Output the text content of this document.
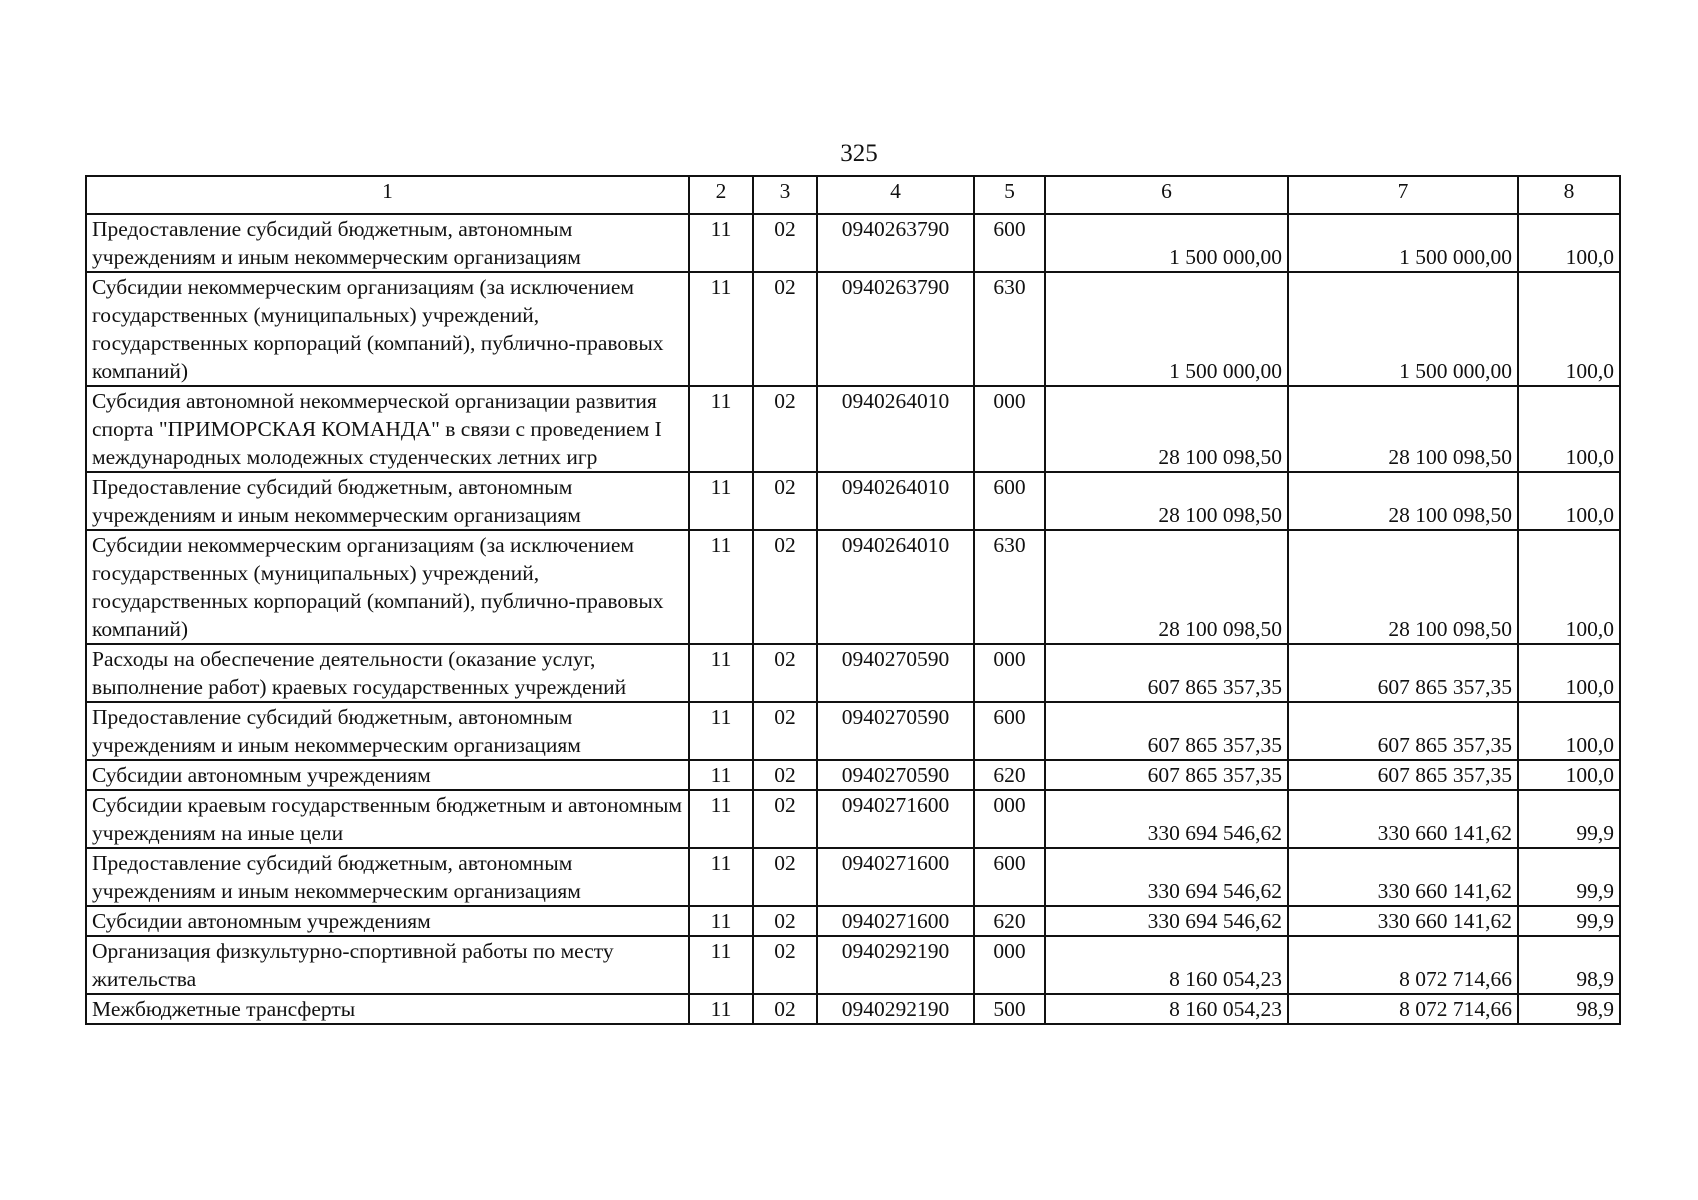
325
1	2	3	4	5	6	7	8
Предоставление субсидий бюджетным, автономным учреждениям и иным некоммерческим организациям	11	02	0940263790	600	1 500 000,00	1 500 000,00	100,0
Субсидии некоммерческим организациям (за исключением государственных (муниципальных) учреждений, государственных корпораций (компаний), публично-правовых компаний)	11	02	0940263790	630	1 500 000,00	1 500 000,00	100,0
Субсидия автономной некоммерческой организации развития спорта "ПРИМОРСКАЯ КОМАНДА" в связи с проведением I международных молодежных студенческих летних игр	11	02	0940264010	000	28 100 098,50	28 100 098,50	100,0
Предоставление субсидий бюджетным, автономным учреждениям и иным некоммерческим организациям	11	02	0940264010	600	28 100 098,50	28 100 098,50	100,0
Субсидии некоммерческим организациям (за исключением государственных (муниципальных) учреждений, государственных корпораций (компаний), публично-правовых компаний)	11	02	0940264010	630	28 100 098,50	28 100 098,50	100,0
Расходы на обеспечение деятельности (оказание услуг, выполнение работ) краевых государственных учреждений	11	02	0940270590	000	607 865 357,35	607 865 357,35	100,0
Предоставление субсидий бюджетным, автономным учреждениям и иным некоммерческим организациям	11	02	0940270590	600	607 865 357,35	607 865 357,35	100,0
Субсидии автономным учреждениям	11	02	0940270590	620	607 865 357,35	607 865 357,35	100,0
Субсидии краевым государственным бюджетным и автономным учреждениям на иные цели	11	02	0940271600	000	330 694 546,62	330 660 141,62	99,9
Предоставление субсидий бюджетным, автономным учреждениям и иным некоммерческим организациям	11	02	0940271600	600	330 694 546,62	330 660 141,62	99,9
Субсидии автономным учреждениям	11	02	0940271600	620	330 694 546,62	330 660 141,62	99,9
Организация физкультурно-спортивной работы по месту жительства	11	02	0940292190	000	8 160 054,23	8 072 714,66	98,9
Межбюджетные трансферты	11	02	0940292190	500	8 160 054,23	8 072 714,66	98,9
